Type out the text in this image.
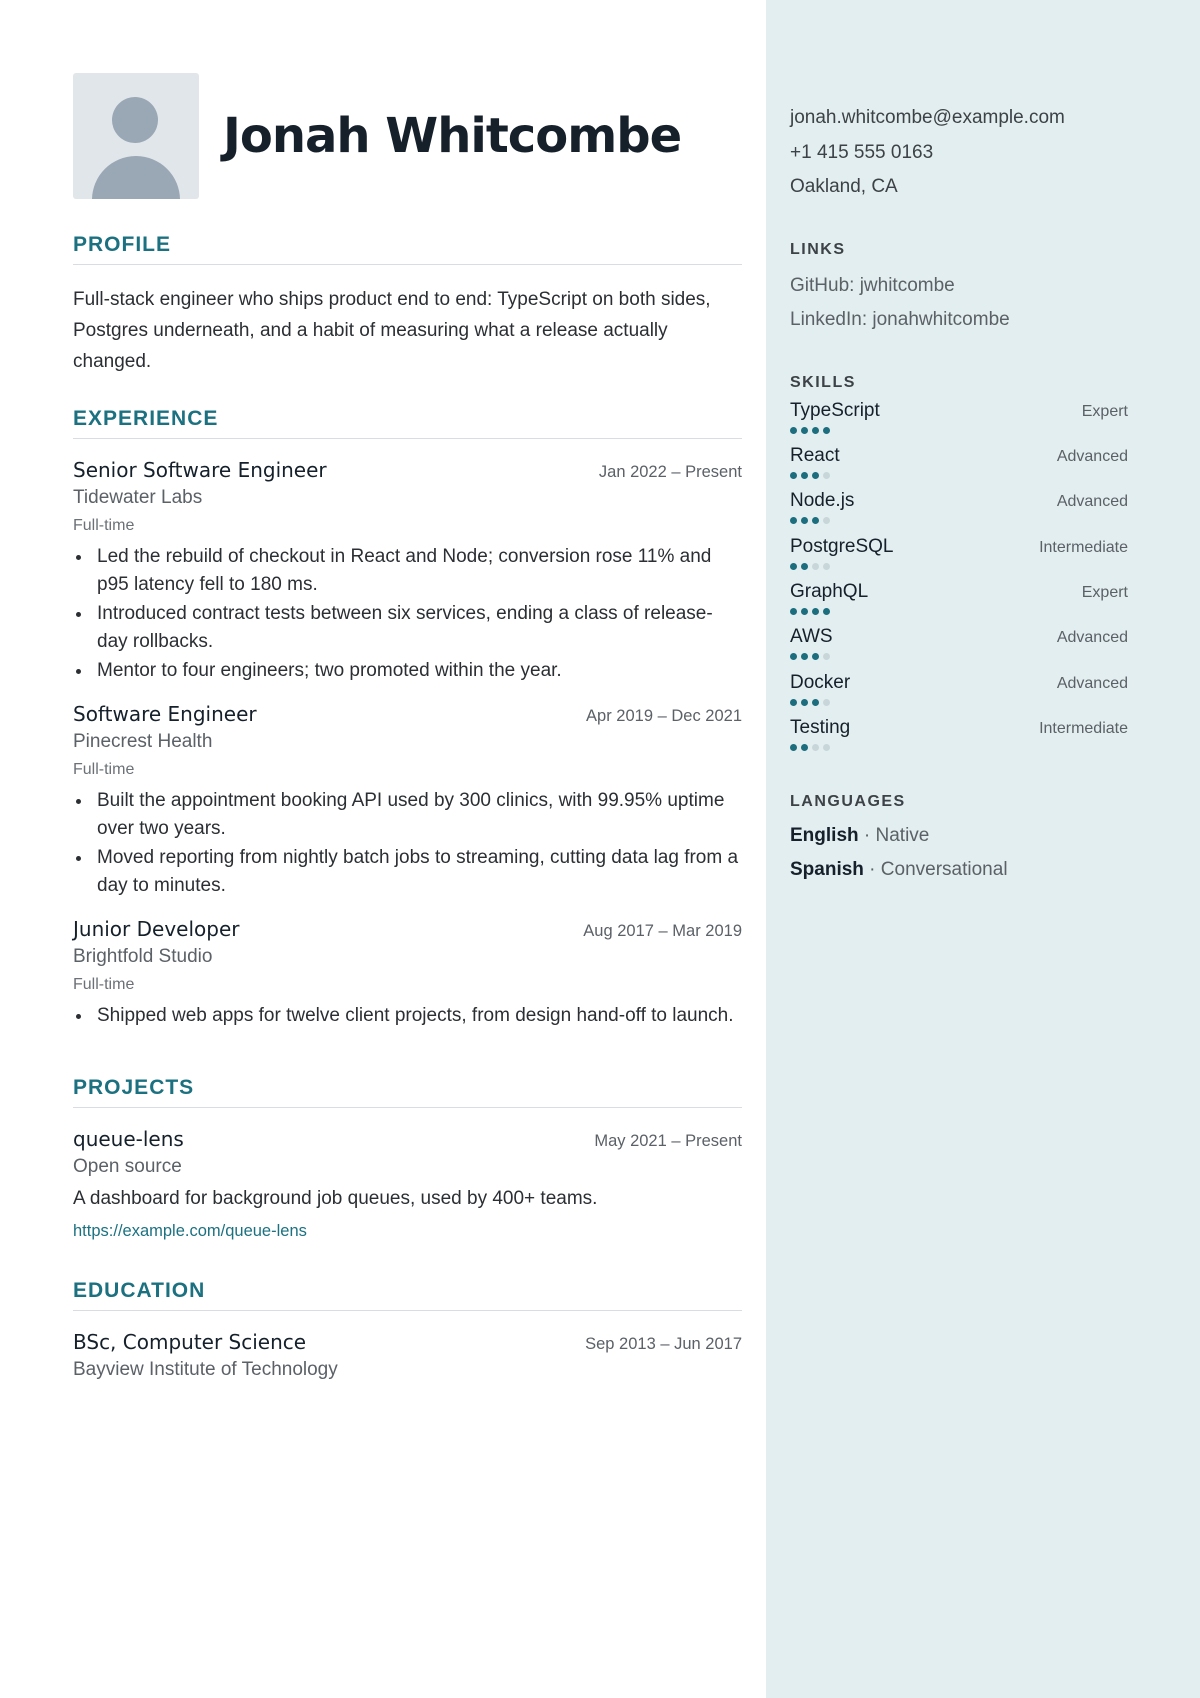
Jonah Whitcombe
PROFILE

Full-stack engineer who ships product end to end: TypeScript on both sides, Postgres underneath, and a habit of measuring what a release actually changed.

EXPERIENCE
Senior Software Engineer	Jan 2022 – Present
Tidewater Labs
Full-time
Led the rebuild of checkout in React and Node; conversion rose 11% and p95 latency fell to 180 ms.
Introduced contract tests between six services, ending a class of release-day rollbacks.
Mentor to four engineers; two promoted within the year.
Software Engineer	Apr 2019 – Dec 2021
Pinecrest Health
Full-time
Built the appointment booking API used by 300 clinics, with 99.95% uptime over two years.
Moved reporting from nightly batch jobs to streaming, cutting data lag from a day to minutes.
Junior Developer	Aug 2017 – Mar 2019
Brightfold Studio
Full-time
Shipped web apps for twelve client projects, from design hand-off to launch.
PROJECTS
queue-lens	May 2021 – Present
Open source
A dashboard for background job queues, used by 400+ teams.
https://example.com/queue-lens
EDUCATION
BSc, Computer Science	Sep 2013 – Jun 2017
Bayview Institute of Technology
jonah.whitcombe@example.com
+1 415 555 0163
Oakland, CA
LINKS
GitHub: jwhitcombe
LinkedIn: jonahwhitcombe
SKILLS
TypeScript	Expert
React	Advanced
Node.js	Advanced
PostgreSQL	Intermediate
GraphQL	Expert
AWS	Advanced
Docker	Advanced
Testing	Intermediate
LANGUAGES
English · Native
Spanish · Conversational
